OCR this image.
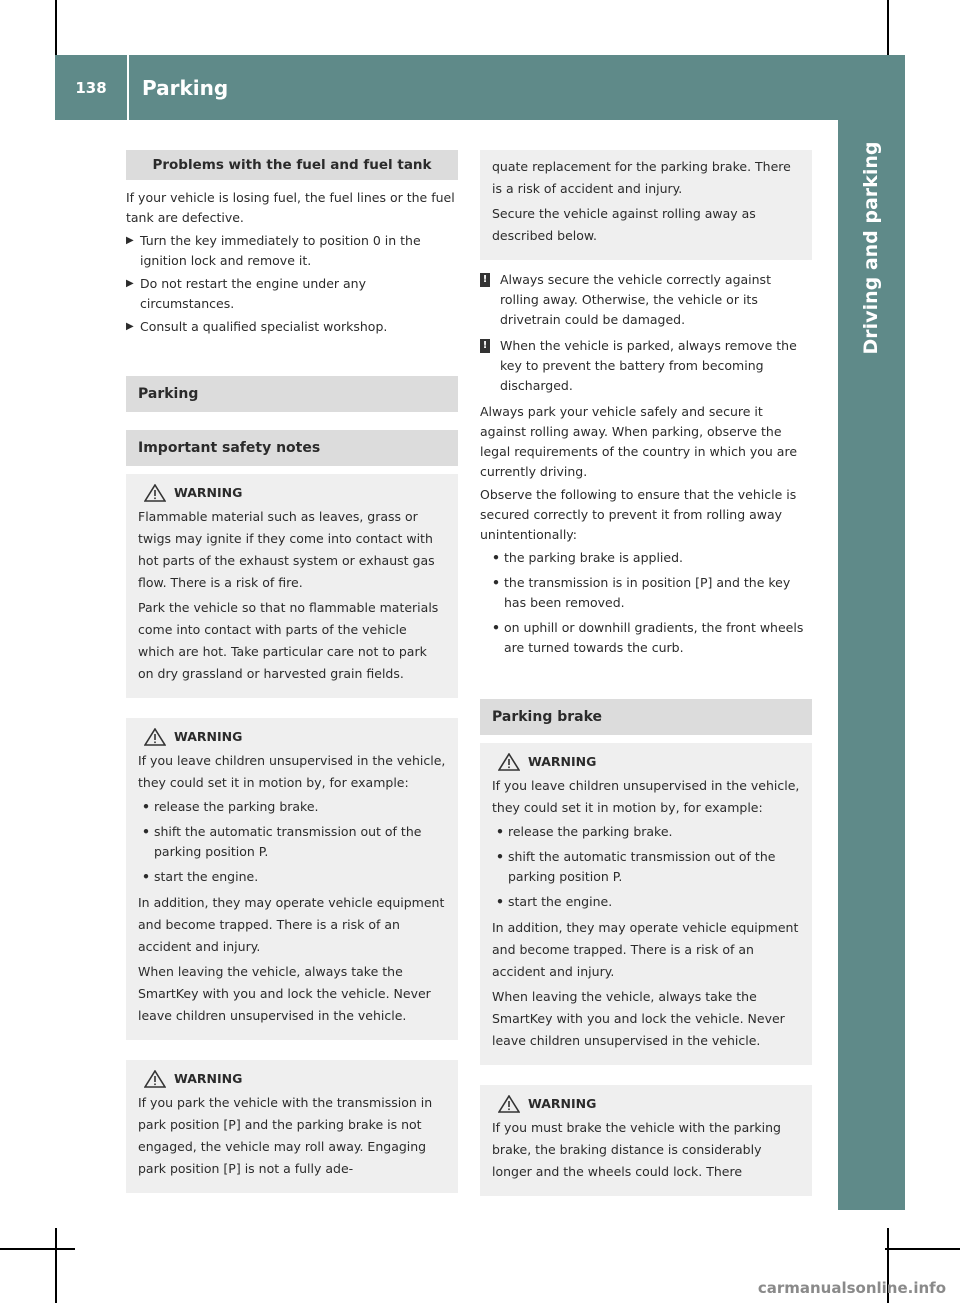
138	Parking
Driving and parking
Problems with the fuel and fuel tank
If your vehicle is losing fuel, the fuel lines or the fuel tank are defective.
▶ Turn the key immediately to position 0 in the ignition lock and remove it.
▶ Do not restart the engine under any circumstances.
▶ Consult a qualified specialist workshop.
Parking
Important safety notes
WARNING
Flammable material such as leaves, grass or twigs may ignite if they come into contact with hot parts of the exhaust system or exhaust gas flow. There is a risk of fire.
Park the vehicle so that no flammable materials come into contact with parts of the vehicle which are hot. Take particular care not to park on dry grassland or harvested grain fields.
WARNING
If you leave children unsupervised in the vehicle, they could set it in motion by, for example:
• release the parking brake.
• shift the automatic transmission out of the parking position P.
• start the engine.
In addition, they may operate vehicle equipment and become trapped. There is a risk of an accident and injury.
When leaving the vehicle, always take the SmartKey with you and lock the vehicle. Never leave children unsupervised in the vehicle.
WARNING
If you park the vehicle with the transmission in park position [P] and the parking brake is not engaged, the vehicle may roll away. Engaging park position [P] is not a fully ade-
quate replacement for the parking brake. There is a risk of accident and injury.
Secure the vehicle against rolling away as described below.
! Always secure the vehicle correctly against rolling away. Otherwise, the vehicle or its drivetrain could be damaged.
! When the vehicle is parked, always remove the key to prevent the battery from becoming discharged.
Always park your vehicle safely and secure it against rolling away. When parking, observe the legal requirements of the country in which you are currently driving.
Observe the following to ensure that the vehicle is secured correctly to prevent it from rolling away unintentionally:
• the parking brake is applied.
• the transmission is in position [P] and the key has been removed.
• on uphill or downhill gradients, the front wheels are turned towards the curb.
Parking brake
WARNING
If you leave children unsupervised in the vehicle, they could set it in motion by, for example:
• release the parking brake.
• shift the automatic transmission out of the parking position P.
• start the engine.
In addition, they may operate vehicle equipment and become trapped. There is a risk of an accident and injury.
When leaving the vehicle, always take the SmartKey with you and lock the vehicle. Never leave children unsupervised in the vehicle.
WARNING
If you must brake the vehicle with the parking brake, the braking distance is considerably longer and the wheels could lock. There
carmanualsonline.info
